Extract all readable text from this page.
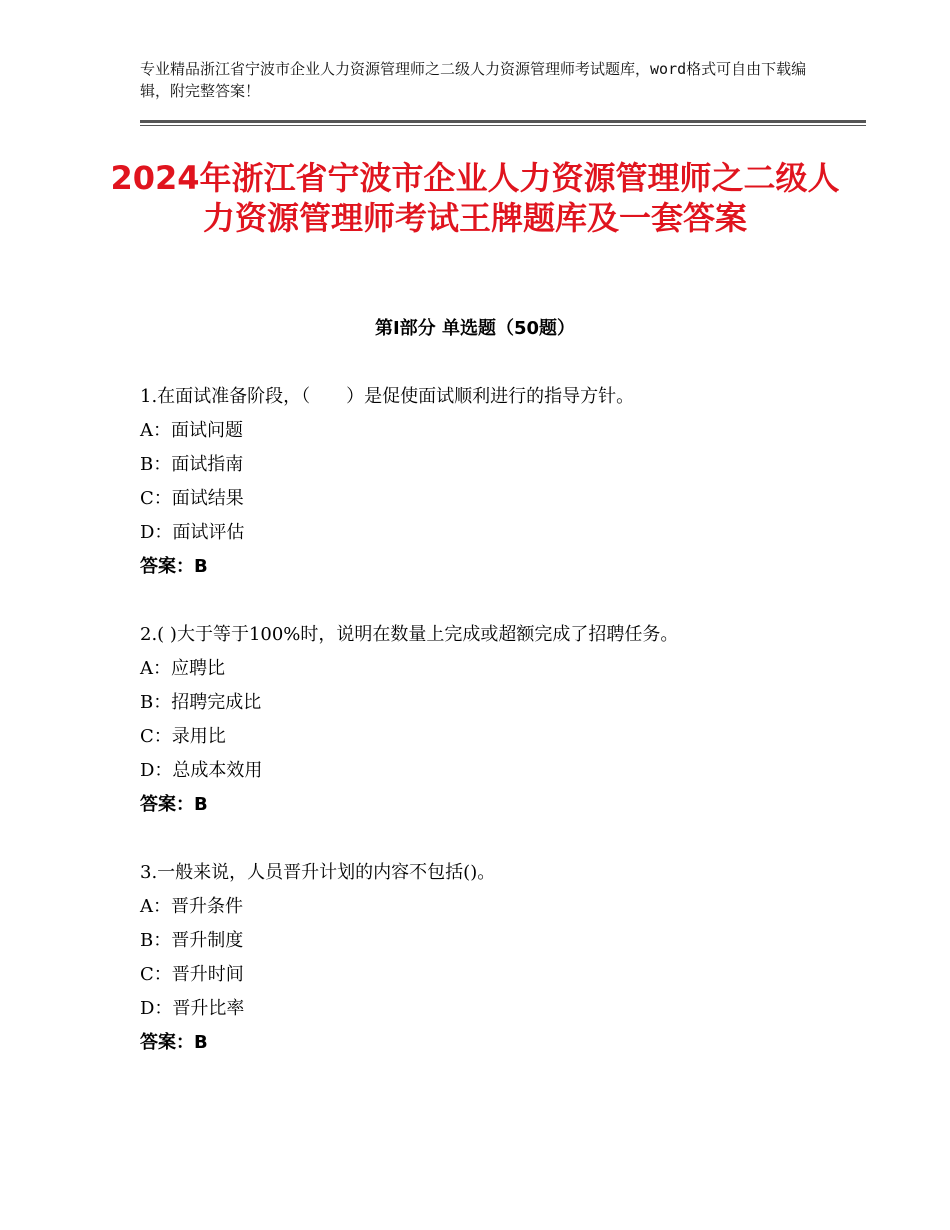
专业精品浙江省宁波市企业人力资源管理师之二级人力资源管理师考试题库，word格式可自由下载编辑，附完整答案！
2024年浙江省宁波市企业人力资源管理师之二级人力资源管理师考试王牌题库及一套答案
第Ⅰ部分 单选题（50题）
1.在面试准备阶段，（　　）是促使面试顺利进行的指导方针。
A：面试问题
B：面试指南
C：面试结果
D：面试评估
答案：B
2.( )大于等于100%时，说明在数量上完成或超额完成了招聘任务。
A：应聘比
B：招聘完成比
C：录用比
D：总成本效用
答案：B
3.一般来说，人员晋升计划的内容不包括()。
A：晋升条件
B：晋升制度
C：晋升时间
D：晋升比率
答案：B
